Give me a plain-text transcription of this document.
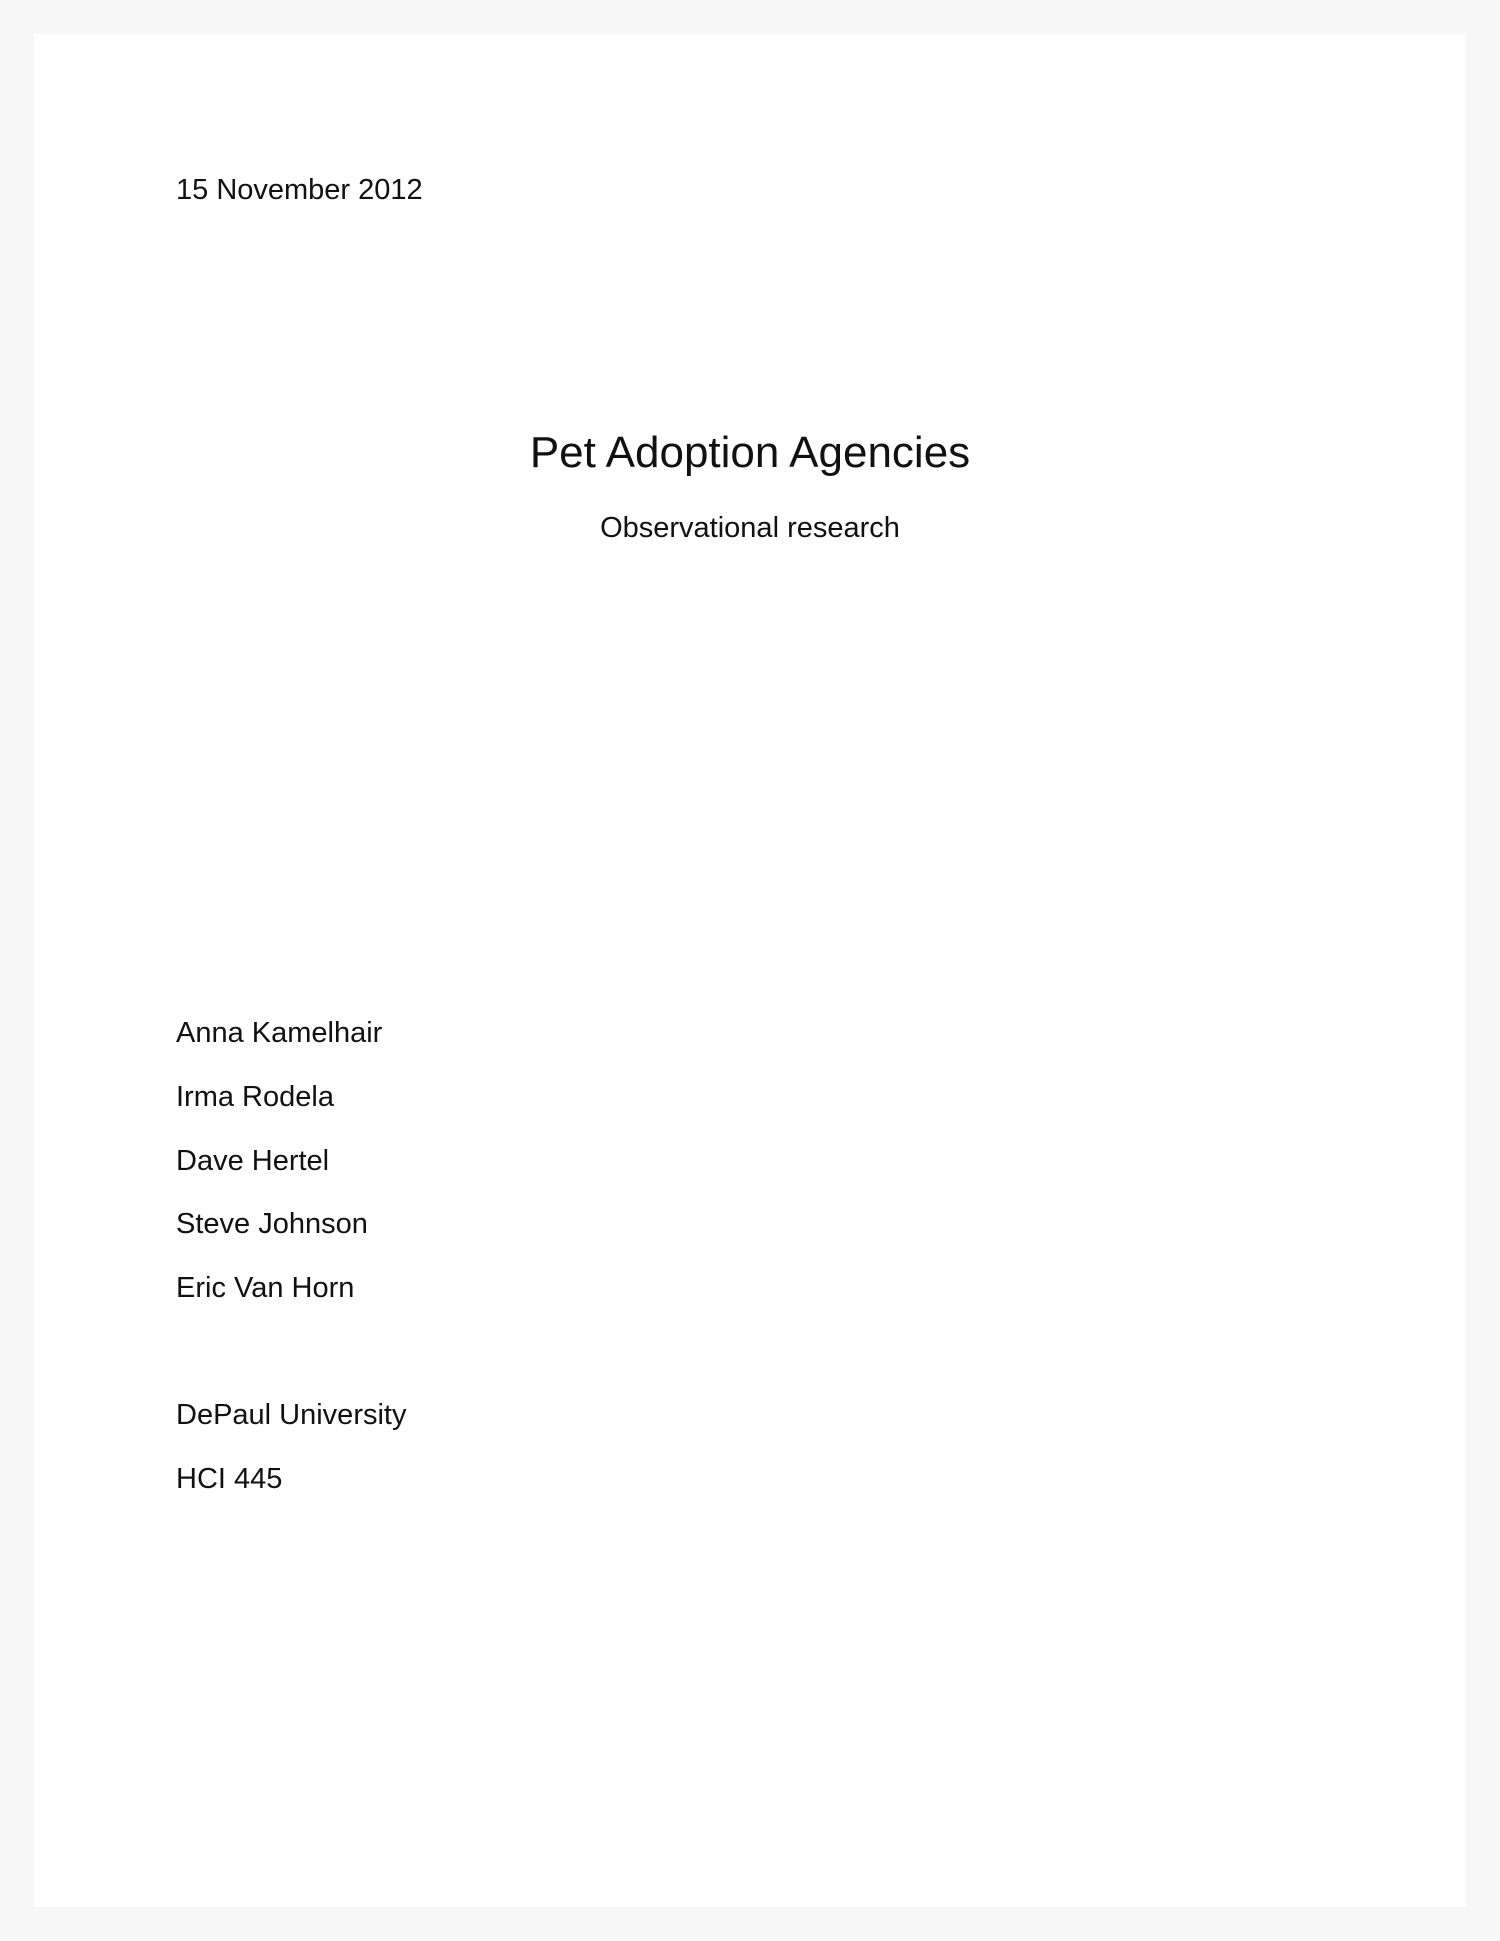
15 November 2012
Pet Adoption Agencies
Observational research
Anna Kamelhair
Irma Rodela
Dave Hertel
Steve Johnson
Eric Van Horn
DePaul University
HCI 445
